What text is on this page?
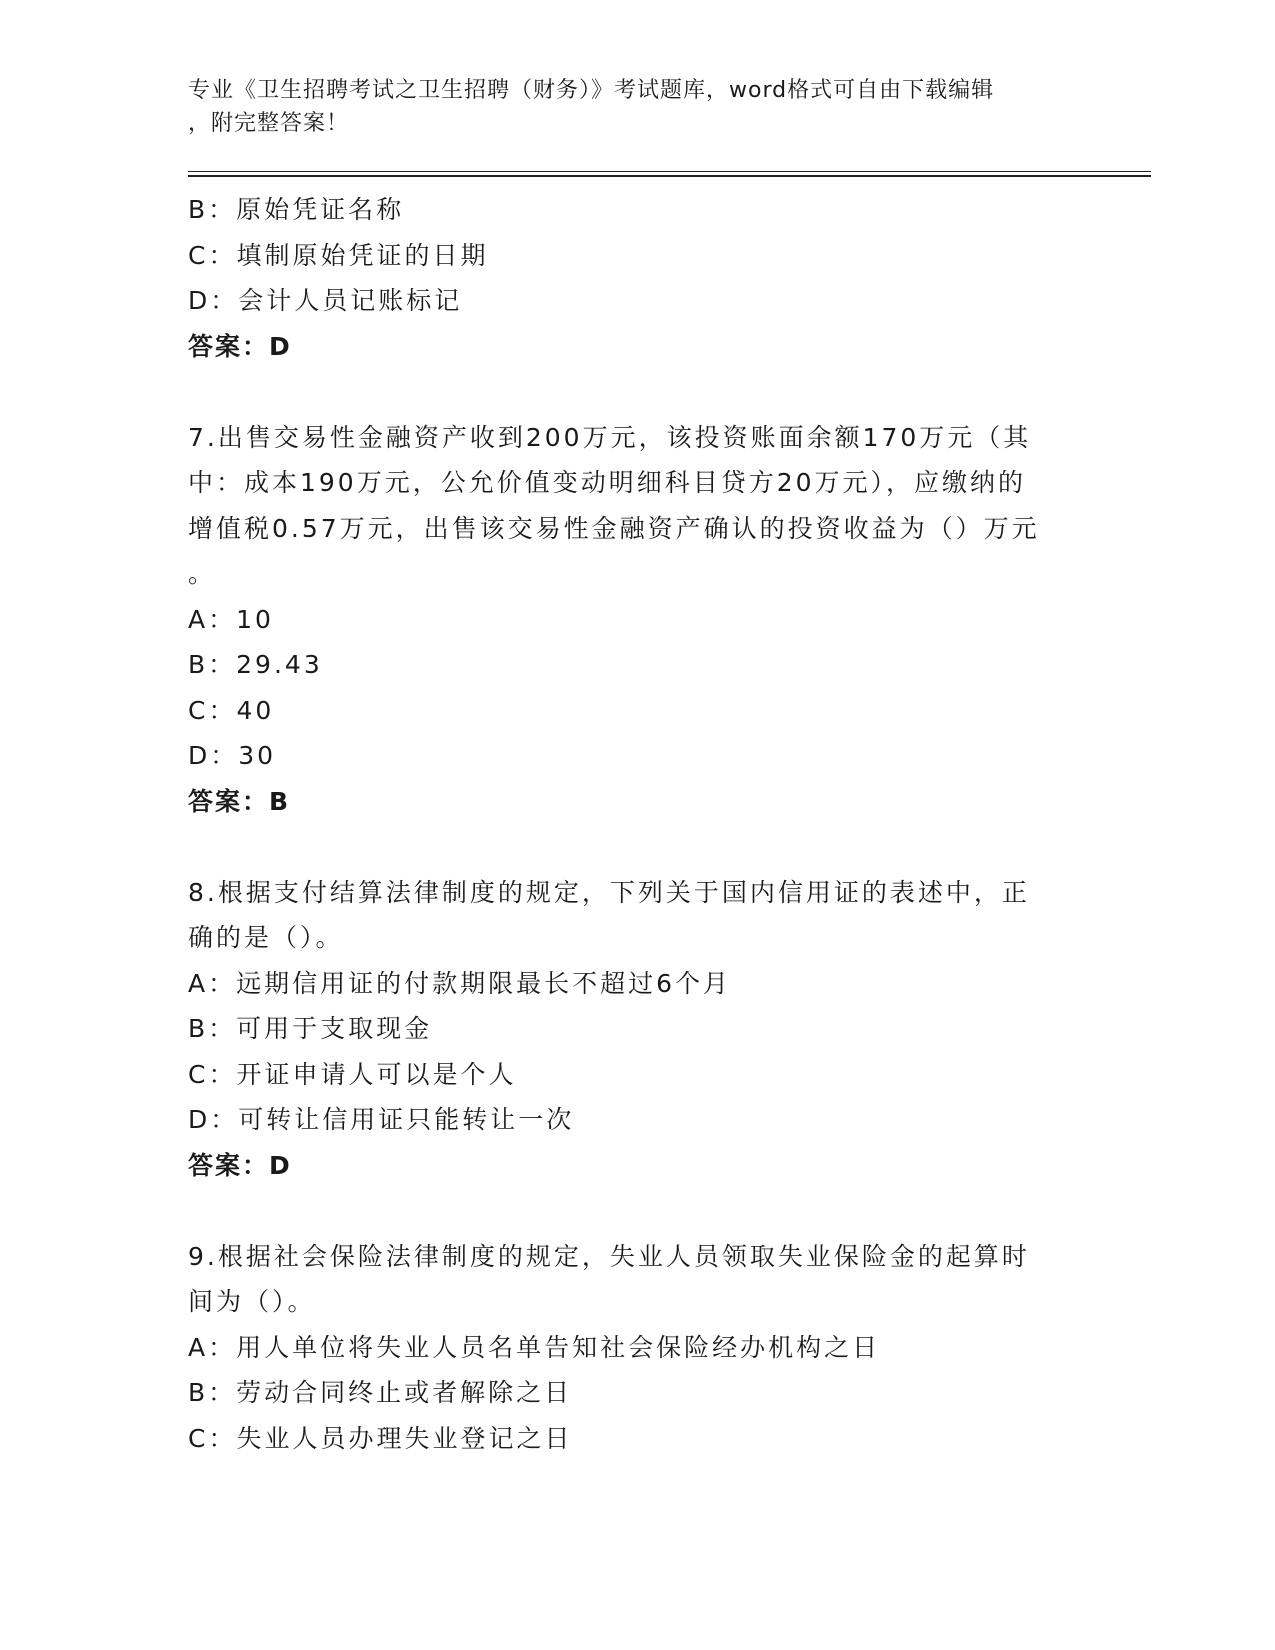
专业《卫生招聘考试之卫生招聘（财务）》考试题库，word格式可自由下载编辑
，附完整答案！
B：原始凭证名称
C：填制原始凭证的日期
D：会计人员记账标记
答案：D
7.出售交易性金融资产收到200万元，该投资账面余额170万元（其
中：成本190万元，公允价值变动明细科目贷方20万元），应缴纳的
增值税0.57万元，出售该交易性金融资产确认的投资收益为（）万元
。
A：10
B：29.43
C：40
D：30
答案：B
8.根据支付结算法律制度的规定，下列关于国内信用证的表述中，正
确的是（）。
A：远期信用证的付款期限最长不超过6个月
B：可用于支取现金
C：开证申请人可以是个人
D：可转让信用证只能转让一次
答案：D
9.根据社会保险法律制度的规定，失业人员领取失业保险金的起算时
间为（）。
A：用人单位将失业人员名单告知社会保险经办机构之日
B：劳动合同终止或者解除之日
C：失业人员办理失业登记之日
